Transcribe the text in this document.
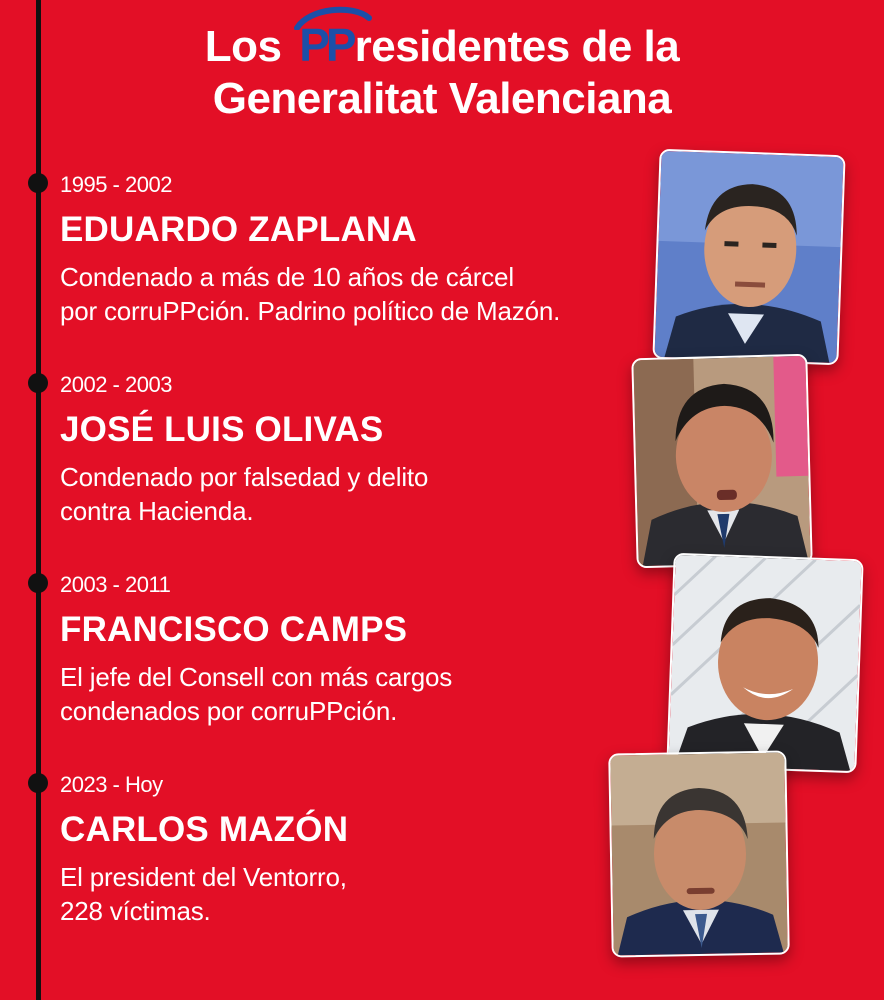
Los PPresidentes de la
Generalitat Valenciana
1995 - 2002
EDUARDO ZAPLANA
Condenado a más de 10 años de cárcel
por corruPPción. Padrino político de Mazón.
2002 - 2003
JOSÉ LUIS OLIVAS
Condenado por falsedad y delito
contra Hacienda.
2003 - 2011
FRANCISCO CAMPS
El jefe del Consell con más cargos
condenados por corruPPción.
2023 - Hoy
CARLOS MAZÓN
El president del Ventorro,
228 víctimas.
